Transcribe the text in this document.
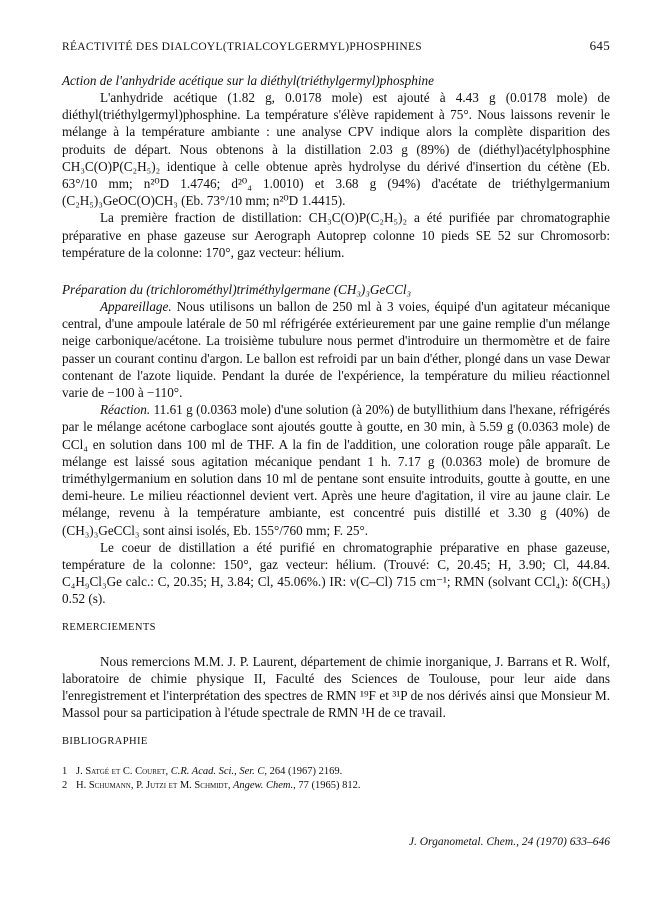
RÉACTIVITÉ DES DIALCOYL(TRIALCOYLGERMYL)PHOSPHINES	645
Action de l'anhydride acétique sur la diéthyl(triéthylgermyl)phosphine

L'anhydride acétique (1.82 g, 0.0178 mole) est ajouté à 4.43 g (0.0178 mole) de diéthyl(triéthylgermyl)phosphine. La température s'élève rapidement à 75°. Nous laissons revenir le mélange à la température ambiante : une analyse CPV indique alors la complète disparition des produits de départ. Nous obtenons à la distillation 2.03 g (89%) de (diéthyl)acétylphosphine CH₃C(O)P(C₂H₅)₂ identique à celle obtenue après hydrolyse du dérivé d'insertion du cétène (Eb. 63°/10 mm; n²⁰D 1.4746; d²⁰₄ 1.0010) et 3.68 g (94%) d'acétate de triéthylgermanium (C₂H₅)₃GeOC(O)CH₃ (Eb. 73°/10 mm; n²⁰D 1.4415).

La première fraction de distillation: CH₃C(O)P(C₂H₅)₂ a été purifiée par chromatographie préparative en phase gazeuse sur Aerograph Autoprep colonne 10 pieds SE 52 sur Chromosorb: température de la colonne: 170°, gaz vecteur: hélium.

Préparation du (trichlorométhyl)triméthylgermane (CH₃)₃GeCCl₃

Appareillage. Nous utilisons un ballon de 250 ml à 3 voies, équipé d'un agitateur mécanique central, d'une ampoule latérale de 50 ml réfrigérée extérieurement par une gaine remplie d'un mélange neige carbonique/acétone. La troisième tubulure nous permet d'introduire un thermomètre et de faire passer un courant continu d'argon. Le ballon est refroidi par un bain d'éther, plongé dans un vase Dewar contenant de l'azote liquide. Pendant la durée de l'expérience, la température du milieu réactionnel varie de −100 à −110°.

Réaction. 11.61 g (0.0363 mole) d'une solution (à 20%) de butyllithium dans l'hexane, réfrigérés par le mélange acétone carboglace sont ajoutés goutte à goutte, en 30 min, à 5.59 g (0.0363 mole) de CCl₄ en solution dans 100 ml de THF. A la fin de l'addition, une coloration rouge pâle apparaît. Le mélange est laissé sous agitation mécanique pendant 1 h. 7.17 g (0.0363 mole) de bromure de triméthylgermanium en solution dans 10 ml de pentane sont ensuite introduits, goutte à goutte, en une demi-heure. Le milieu réactionnel devient vert. Après une heure d'agitation, il vire au jaune clair. Le mélange, revenu à la température ambiante, est concentré puis distillé et 3.30 g (40%) de (CH₃)₃GeCCl₃ sont ainsi isolés, Eb. 155°/760 mm; F. 25°.

Le coeur de distillation a été purifié en chromatographie préparative en phase gazeuse, température de la colonne: 150°, gaz vecteur: hélium. (Trouvé: C, 20.45; H, 3.90; Cl, 44.84. C₄H₉Cl₃Ge calc.: C, 20.35; H, 3.84; Cl, 45.06%.) IR: ν(C–Cl) 715 cm⁻¹; RMN (solvant CCl₄): δ(CH₃) 0.52 (s).

REMERCIEMENTS

Nous remercions M.M. J. P. Laurent, département de chimie inorganique, J. Barrans et R. Wolf, laboratoire de chimie physique II, Faculté des Sciences de Toulouse, pour leur aide dans l'enregistrement et l'interprétation des spectres de RMN ¹⁹F et ³¹P de nos dérivés ainsi que Monsieur M. Massol pour sa participation à l'étude spectrale de RMN ¹H de ce travail.

BIBLIOGRAPHIE
1 J. Satgé et C. Couret, C.R. Acad. Sci., Ser. C, 264 (1967) 2169.
2 H. Schumann, P. Jutzi et M. Schmidt, Angew. Chem., 77 (1965) 812.
J. Organometal. Chem., 24 (1970) 633–646
